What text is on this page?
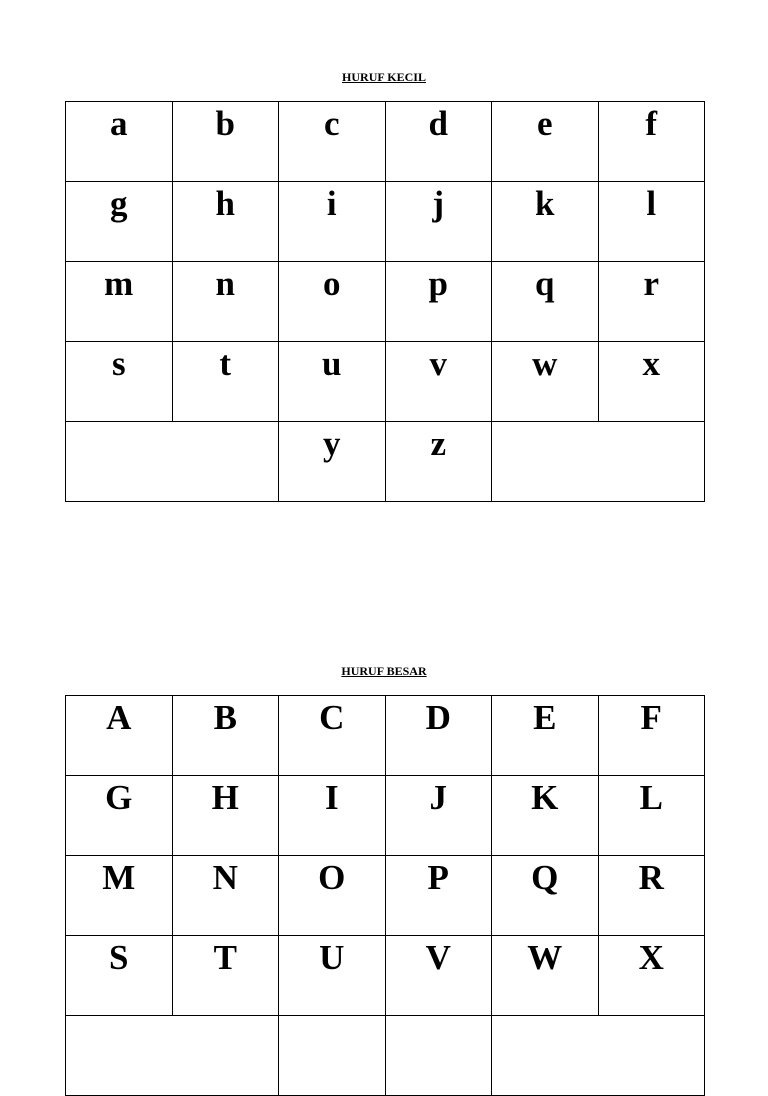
HURUF KECIL
a	b	c	d	e	f

g	h	i	j	k	l

m	n	o	p	q	r

s	t	u	v	w	x

		y	z		

HURUF BESAR
A	B	C	D	E	F

G	H	I	J	K	L

M	N	O	P	Q	R

S	T	U	V	W	X
